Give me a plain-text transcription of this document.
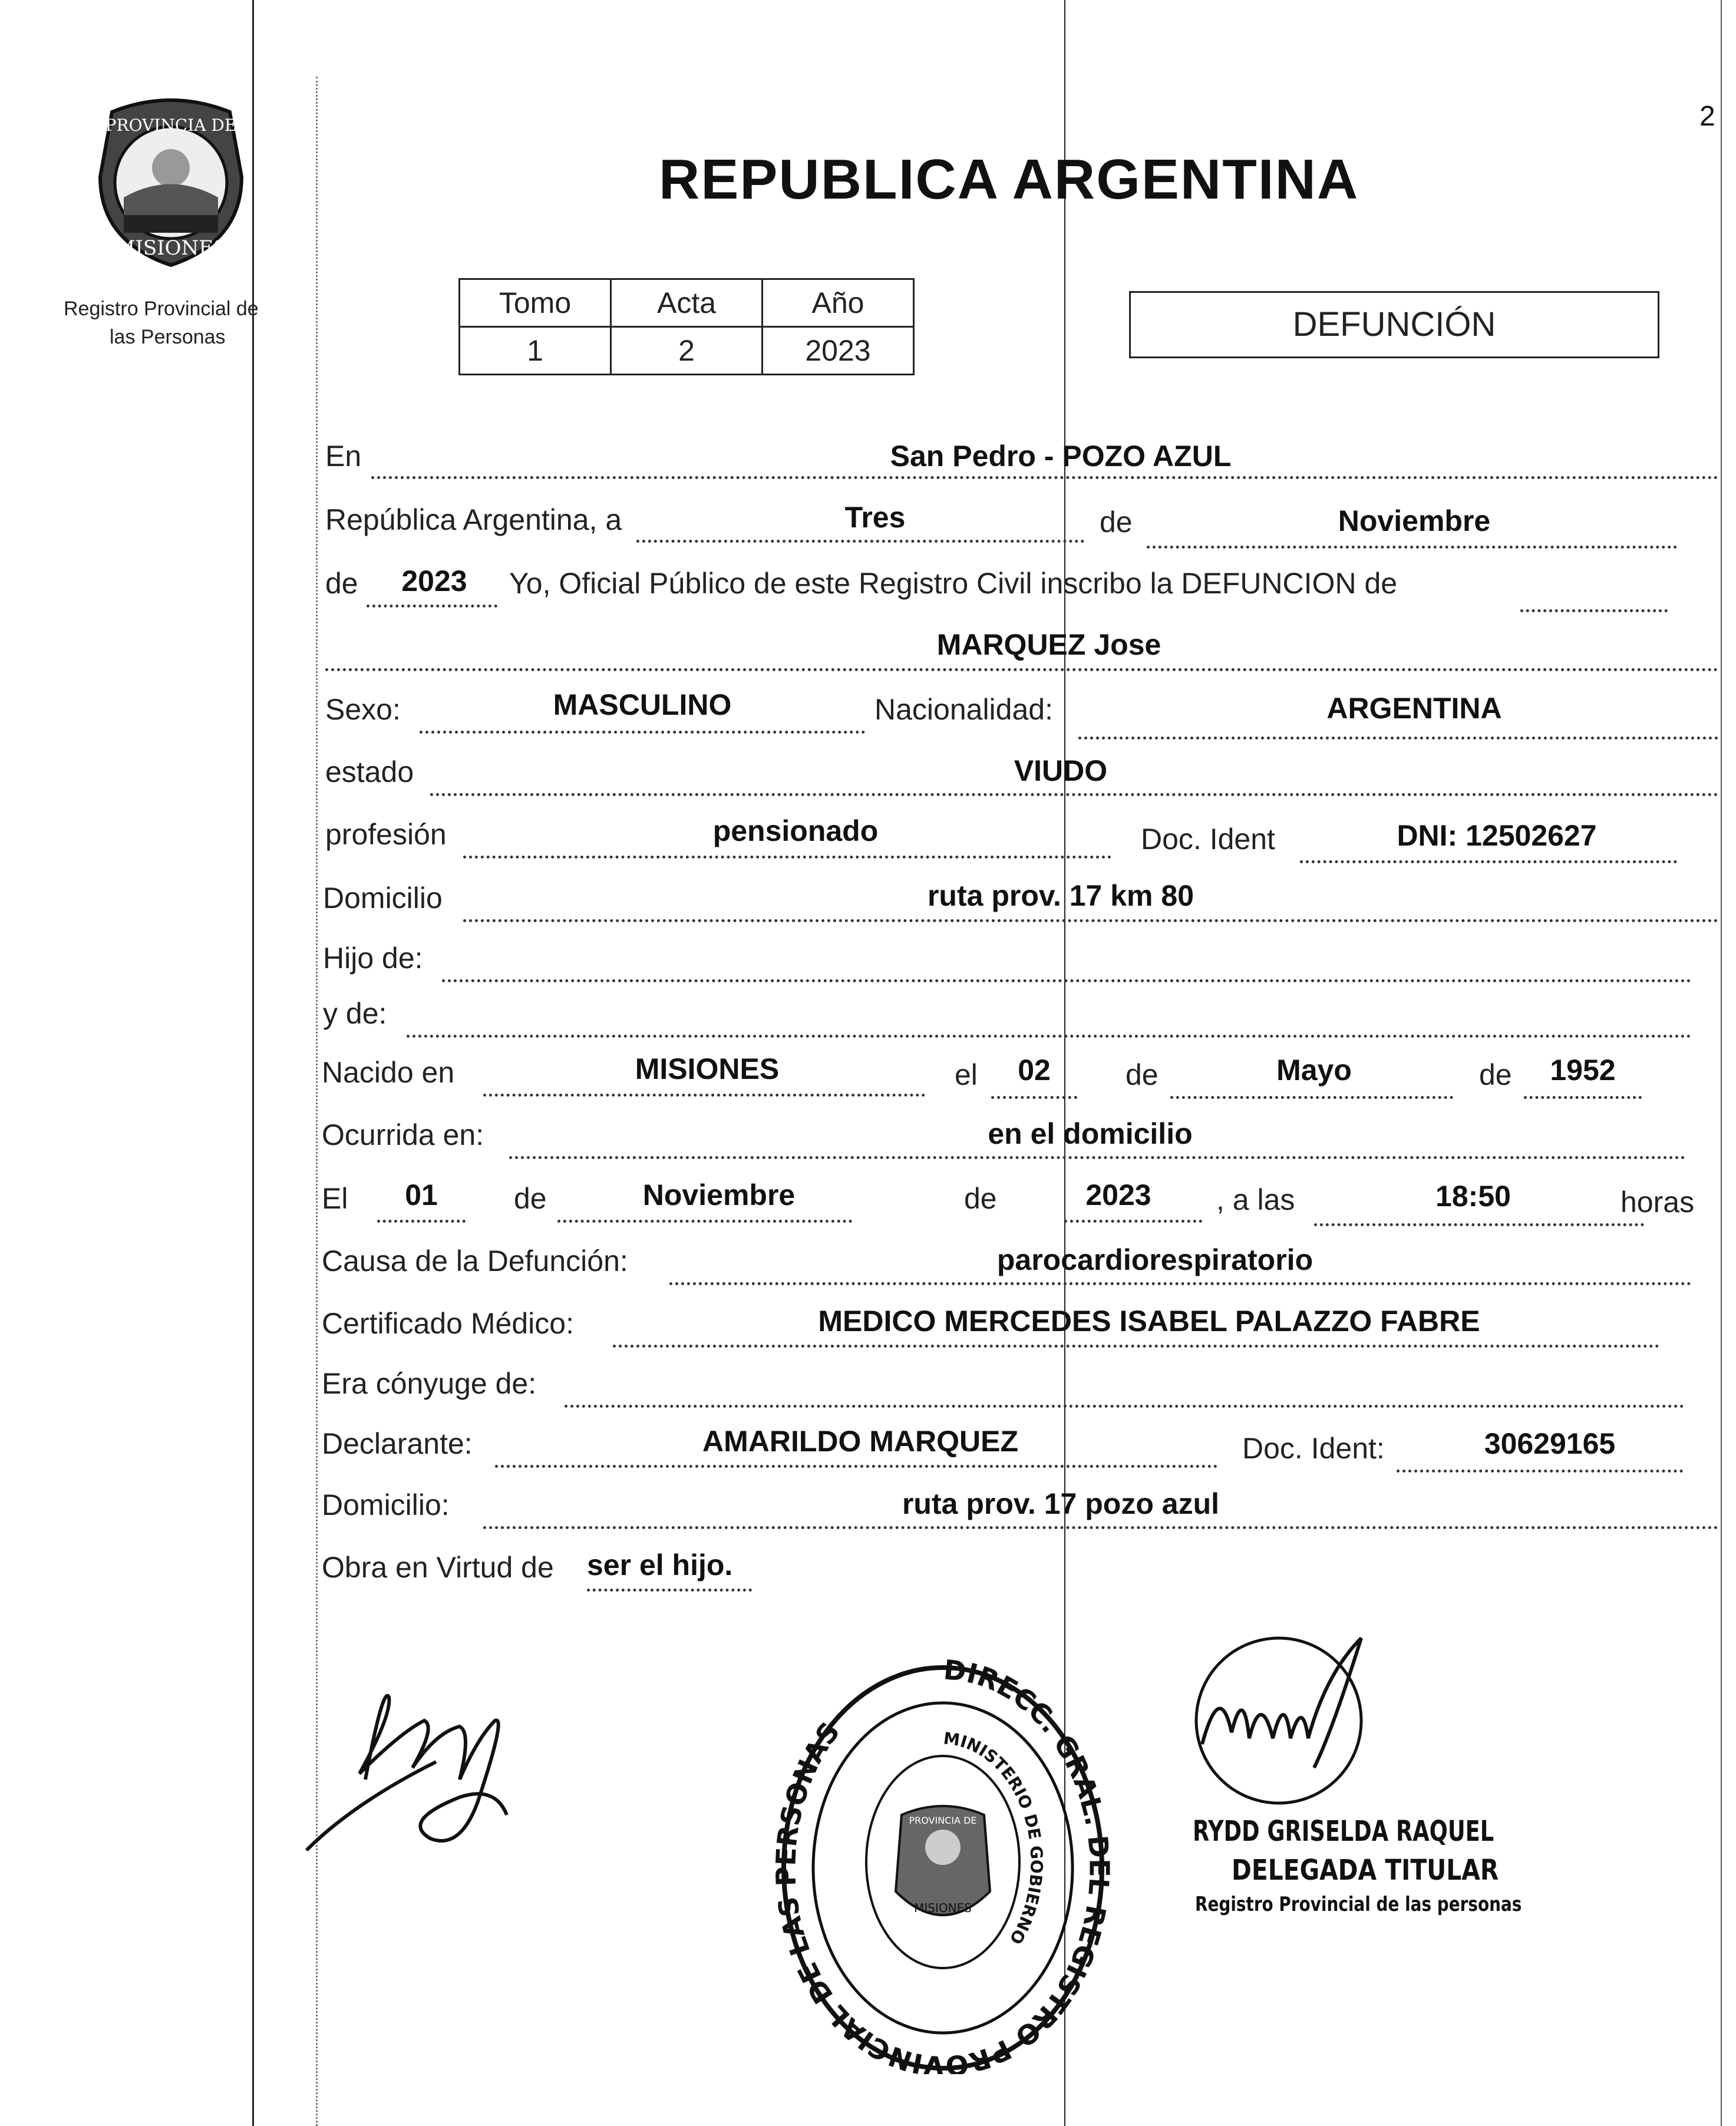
2
PROVINCIA DE
MISIONES
Registro Provincial de
las Personas
REPUBLICA ARGENTINA
Tomo	Acta	Año
1	2	2023
DEFUNCIÓN
En	San Pedro - POZO AZUL
República Argentina, a	Tres	de	Noviembre
de	2023	Yo, Oficial Público de este Registro Civil inscribo la DEFUNCION de
MARQUEZ Jose
Sexo:	MASCULINO	Nacionalidad:	ARGENTINA
estado	VIUDO
profesión	pensionado	Doc. Ident	DNI: 12502627
Domicilio	ruta prov. 17 km 80
Hijo de:
y de:
Nacido en	MISIONES	el	02	de	Mayo	de	1952
Ocurrida en:	en el domicilio
El	01	de	Noviembre	de	2023	, a las	18:50	horas
Causa de la Defunción:	parocardiorespiratorio
Certificado Médico:	MEDICO MERCEDES ISABEL PALAZZO FABRE
Era cónyuge de:
Declarante:	AMARILDO MARQUEZ	Doc. Ident:	30629165
Domicilio:	ruta prov. 17 pozo azul
Obra en Virtud de ser el hijo.
DIRECC. GRAL. DEL REGISTRO PROVINCIAL DE LAS PERSONAS	MINISTERIO DE GOBIERNO
PROVINCIA DE
MISIONES
RYDD GRISELDA RAQUEL
DELEGADA TITULAR
Registro Provincial de las personas
